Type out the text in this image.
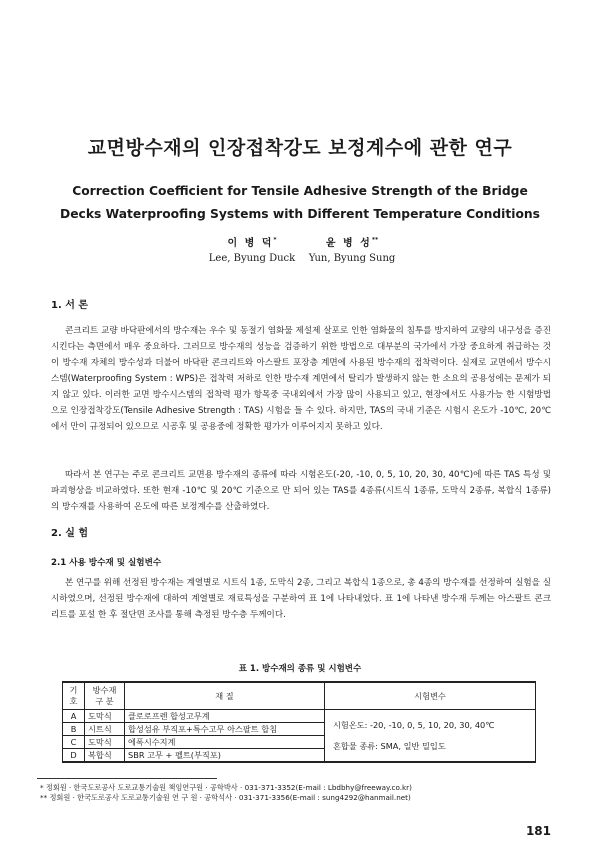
교면방수재의 인장접착강도 보정계수에 관한 연구
Correction Coefficient for Tensile Adhesive Strength of the Bridge
Decks Waterproofing Systems with Different Temperature Conditions
이 병 덕*
Lee, Byung Duck
윤 병 성**
Yun, Byung Sung
1. 서 론
콘크리트 교량 바닥판에서의 방수재는 우수 및 동절기 염화물 제설제 살포로 인한 염화물의 침투를 방지하여 교량의 내구성을 증진시킨다는 측면에서 매우 중요하다. 그러므로 방수재의 성능을 검증하기 위한 방법으로 대부분의 국가에서 가장 중요하게 취급하는 것이 방수재 자체의 방수성과 더불어 바닥판 콘크리트와 아스팔트 포장층 계면에 사용된 방수재의 접착력이다. 실제로 교면에서 방수시스템(Waterproofing System : WPS)은 접착력 저하로 인한 방수재 계면에서 탈리가 발생하지 않는 한 소요의 공용성에는 문제가 되지 않고 있다. 이러한 교면 방수시스템의 접착력 평가 항목중 국내외에서 가장 많이 사용되고 있고, 현장에서도 사용가능 한 시험방법으로 인장접착강도(Tensile Adhesive Strength : TAS) 시험을 들 수 있다. 하지만, TAS의 국내 기준은 시험시 온도가 -10℃, 20℃에서 만이 규정되어 있으므로 시공후 및 공용중에 정확한 평가가 이루어지지 못하고 있다.
따라서 본 연구는 주로 콘크리트 교면용 방수재의 종류에 따라 시험온도(-20, -10, 0, 5, 10, 20, 30, 40℃)에 따른 TAS 특성 및 파괴형상을 비교하였다. 또한 현재 -10℃ 및 20℃ 기준으로 만 되어 있는 TAS를 4종류(시트식 1종류, 도막식 2종류, 복합식 1종류)의 방수재를 사용하여 온도에 따른 보정계수를 산출하였다.
2. 실 험
2.1 사용 방수재 및 실험변수
본 연구를 위해 선정된 방수재는 계열별로 시트식 1종, 도막식 2종, 그리고 복합식 1종으로, 총 4종의 방수재를 선정하여 실험을 실시하였으며, 선정된 방수재에 대하여 계열별로 재료특성을 구분하여 표 1에 나타내었다. 표 1에 나타낸 방수재 두께는 아스팔트 콘크리트를 포설 한 후 절단면 조사를 통해 측정된 방수층 두께이다.
표 1. 방수재의 종류 및 시험변수
기 호	방수재 구 분	재 질	시험변수
A	도막식	클로로프렌 합성고무계	시험온도: -20, -10, 0, 5, 10, 20, 30, 40℃
혼합물 종류: SMA, 일반 밀입도

B	시트식	합성섬유 부직포+특수고무 아스팔트 합침	
C	도막식	에폭시수지계	
D	복합식	SBR 고무 + 펠트(부직포)	
* 정회원 · 한국도로공사 도로교통기술원 책임연구원 · 공학박사 · 031-371-3352(E-mail : Lbdbhy@freeway.co.kr)
** 정회원 · 한국도로공사 도로교통기술원 연 구 원 · 공학석사 · 031-371-3356(E-mail : sung4292@hanmail.net)
181
